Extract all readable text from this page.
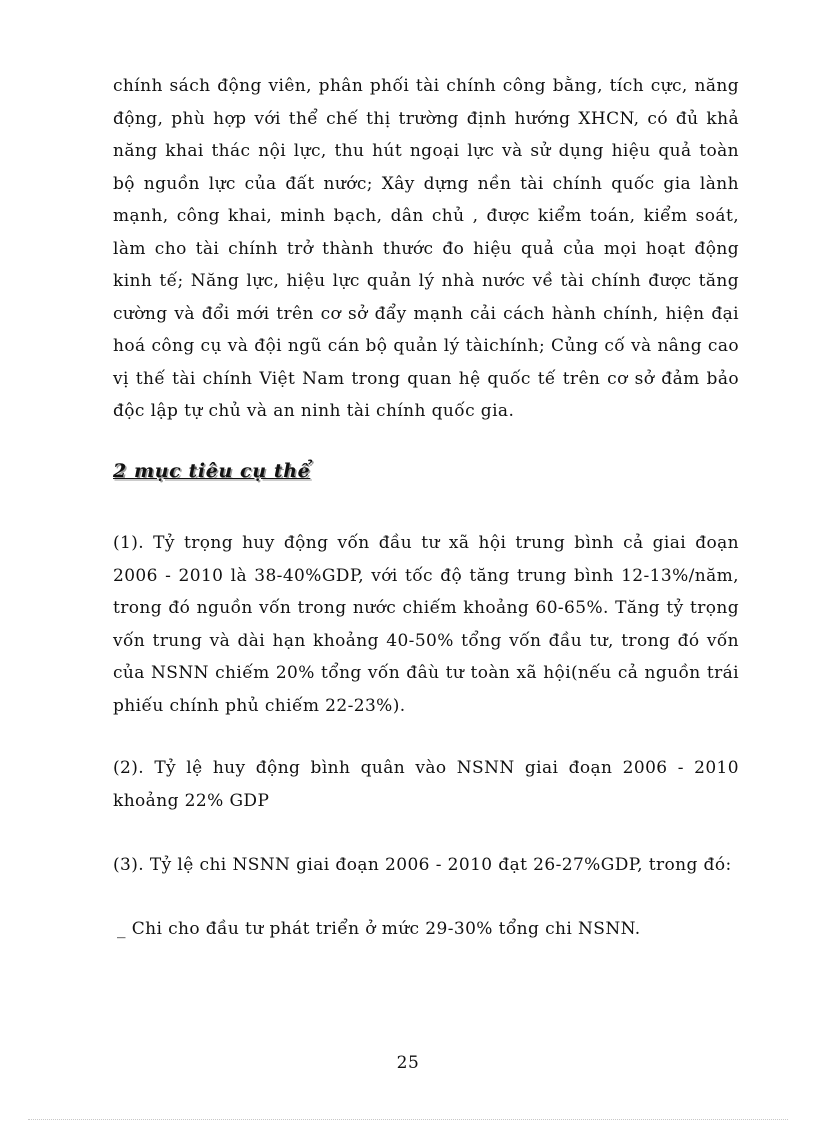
chính sách động viên, phân phối tài chính công bằng, tích cực, năng động, phù hợp với thể chế thị trường định hướng XHCN, có đủ khả năng khai thác nội lực, thu hút ngoại lực và sử dụng hiệu quả toàn bộ nguồn lực của đất nước; Xây dựng nền tài chính quốc gia lành mạnh, công khai, minh bạch, dân chủ , được kiểm toán, kiểm soát, làm cho tài chính trở thành thước đo hiệu quả của mọi hoạt động kinh tế; Năng lực, hiệu lực quản lý nhà nước về tài chính được tăng cường và đổi mới trên cơ sở đẩy mạnh cải cách hành chính, hiện đại hoá công cụ và đội ngũ cán bộ quản lý tàichính; Củng cố và nâng cao vị thế tài chính Việt Nam trong quan hệ quốc tế trên cơ sở đảm bảo độc lập tự chủ và an ninh tài chính quốc gia.

2 mục tiêu cụ thể

(1). Tỷ trọng huy động vốn đầu tư xã hội trung bình cả giai đoạn 2006 - 2010 là 38-40%GDP, với tốc độ tăng trung bình 12-13%/năm, trong đó nguồn vốn trong nước chiếm khoảng 60-65%. Tăng tỷ trọng vốn trung và dài hạn khoảng 40-50% tổng vốn đầu tư, trong đó vốn của NSNN chiếm 20% tổng vốn đâù tư toàn xã hội(nếu cả nguồn trái phiếu chính phủ chiếm 22-23%).

(2). Tỷ lệ huy động bình quân vào NSNN giai đoạn 2006 - 2010 khoảng 22% GDP

(3). Tỷ lệ chi NSNN giai đoạn 2006 - 2010 đạt 26-27%GDP, trong đó:

_ Chi cho đầu tư phát triển ở mức 29-30% tổng chi NSNN.

25
